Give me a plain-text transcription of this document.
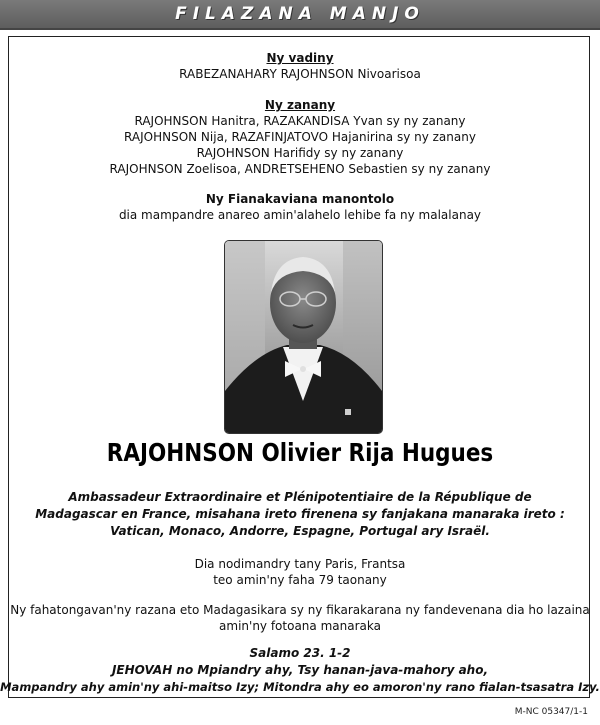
FILAZANA MANJO
Ny vadiny
RABEZANAHARY RAJOHNSON Nivoarisoa
Ny zanany
RAJOHNSON Hanitra, RAZAKANDISA Yvan sy ny zanany
RAJOHNSON Nija, RAZAFINJATOVO Hajanirina sy ny zanany
RAJOHNSON Harifidy sy ny zanany
RAJOHNSON Zoelisoa, ANDRETSEHENO Sebastien sy ny zanany
Ny Fianakaviana manontolo
dia mampandre anareo amin'alahelo lehibe fa ny malalanay
RAJOHNSON Olivier Rija Hugues
Ambassadeur Extraordinaire et Plénipotentiaire de la République de
Madagascar en France, misahana ireto firenena sy fanjakana manaraka ireto :
Vatican, Monaco, Andorre, Espagne, Portugal ary Israël.
Dia nodimandry tany Paris, Frantsa
teo amin'ny faha 79 taonany
Ny fahatongavan'ny razana eto Madagasikara sy ny fikarakarana ny fandevenana dia ho lazaina
amin'ny fotoana manaraka
Salamo 23. 1-2
JEHOVAH no Mpiandry ahy, Tsy hanan-java-mahory aho,
Mampandry ahy amin'ny ahi-maitso Izy; Mitondra ahy eo amoron'ny rano fialan-tsasatra Izy.
M-NC 05347/1-1
